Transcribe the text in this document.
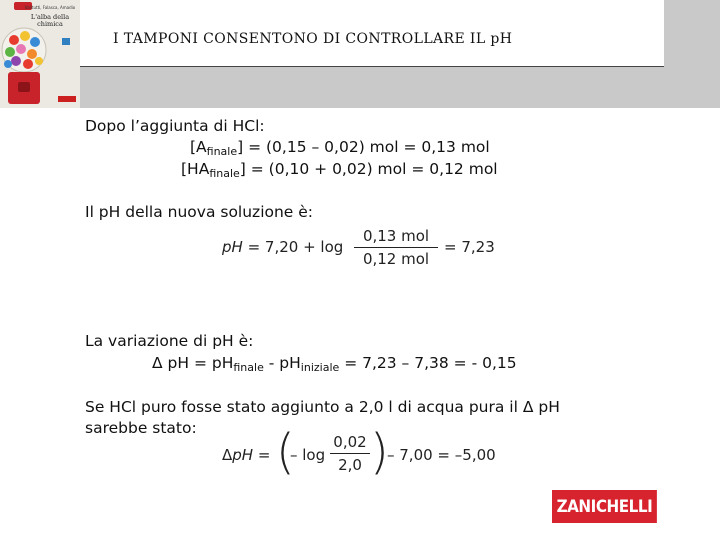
Valitutti, Falasca, Amadio
L'alba della chimica
I TAMPONI CONSENTONO DI CONTROLLARE IL pH
Dopo l’aggiunta di HCl:
[Afinale] = (0,15 – 0,02) mol = 0,13 mol
[HAfinale] = (0,10 + 0,02) mol = 0,12 mol
Il pH della nuova soluzione è:
pH = 7,20 + log
0,13 mol
0,12 mol
= 7,23
La variazione di pH è:
Δ pH = pHfinale - pHiniziale = 7,23 – 7,38 = - 0,15
Se HCl puro fosse stato aggiunto a 2,0 l di acqua pura il Δ pH
sarebbe stato:
ΔpH = (
– log
0,02
2,0 )
– 7,00 = –5,00
ZANICHELLI
